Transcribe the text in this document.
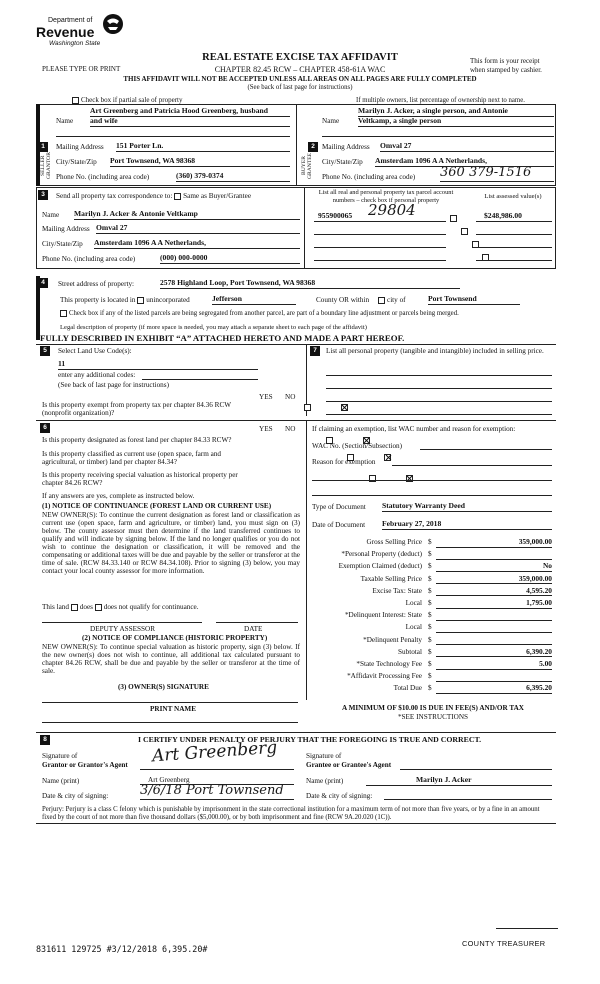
Department of
Revenue
Washington State
REAL ESTATE EXCISE TAX AFFIDAVIT
CHAPTER 82.45 RCW – CHAPTER 458-61A WAC
PLEASE TYPE OR PRINT
This form is your receipt
when stamped by cashier.
THIS AFFIDAVIT WILL NOT BE ACCEPTED UNLESS ALL AREAS ON ALL PAGES ARE FULLY COMPLETED
(See back of last page for instructions)
Check box if partial sale of property	If multiple owners, list percentage of ownership next to name.
1	2
SELLER GRANTOR	BUYER GRANTEE
Name
Art Greenberg and Patricia Hood Greenberg, husband
and wife
Mailing Address 151 Porter Ln.
City/State/Zip Port Townsend, WA 98368
Phone No. (including area code)	(360) 379-0374
Name
Marilyn J. Acker, a single person, and Antonie
Veltkamp, a single person
Mailing Address Omval 27
City/State/Zip Amsterdam 1096 A A Netherlands,
Phone No. (including area code) 360 379-1516
3	Send all property tax correspondence to: Same as Buyer/Grantee
Name Marilyn J. Acker & Antonie Veltkamp
Mailing Address Omval 27
City/State/Zip Amsterdam 1096 A A Netherlands,
Phone No. (including area code)	(000) 000-0000
List all real and personal property tax parcel account
numbers – check box if personal property
List assessed value(s)
955900065 29804	$248,986.00

4	Street address of property:	2578 Highland Loop, Port Townsend, WA 98368
This property is located in unincorporated	Jefferson	County OR within	city of	Port Townsend
Check box if any of the listed parcels are being segregated from another parcel, are part of a boundary line adjustment or parcels being merged.
Legal description of property (if more space is needed, you may attach a separate sheet to each page of the affidavit)
FULLY DESCRIBED IN EXHIBIT “A” ATTACHED HERETO AND MADE A PART HEREOF.
5	Select Land Use Code(s):
11
enter any additional codes:
(See back of last page for instructions)
YES NO
Is this property exempt from property tax per chapter 84.36 RCW (nonprofit organization)?

7	List all personal property (tangible and intangible) included in selling price.
6	YES NO
Is this property designated as forest land per chapter 84.33 RCW?

Is this property classified as current use (open space, farm and agricultural, or timber) land per chapter 84.34?

Is this property receiving special valuation as historical property per chapter 84.26 RCW?

If any answers are yes, complete as instructed below.
(1) NOTICE OF CONTINUANCE (FOREST LAND OR CURRENT USE)
NEW OWNER(S): To continue the current designation as forest land or classification as current use (open space, farm and agriculture, or timber) land, you must sign on (3) below. The county assessor must then determine if the land transferred continues to qualify and will indicate by signing below. If the land no longer qualifies or you do not wish to continue the designation or classification, it will be removed and the compensating or additional taxes will be due and payable by the seller or transferor at the time of sale. (RCW 84.33.140 or RCW 84.34.108). Prior to signing (3) below, you may contact your local county assessor for more information.
This land does does not qualify for continuance.
DEPUTY ASSESSOR	DATE
(2) NOTICE OF COMPLIANCE (HISTORIC PROPERTY)
NEW OWNER(S): To continue special valuation as historic property, sign (3) below. If the new owner(s) does not wish to continue, all additional tax calculated pursuant to chapter 84.26 RCW, shall be due and payable by the seller or transferor at the time of sale.
(3) OWNER(S) SIGNATURE
PRINT NAME
If claiming an exemption, list WAC number and reason for exemption:
WAC No. (Section/Subsection)
Reason for exemption
Type of Document Statutory Warranty Deed
Date of Document February 27, 2018
Gross Selling Price $	359,000.00
*Personal Property (deduct) $
Exemption Claimed (deduct) $	No
Taxable Selling Price $	359,000.00
Excise Tax: State $	4,595.20
Local $	1,795.00
*Delinquent Interest: State $
Local $
*Delinquent Penalty $
Subtotal $	6,390.20
*State Technology Fee $	5.00
*Affidavit Processing Fee $
Total Due $	6,395.20
A MINIMUM OF $10.00 IS DUE IN FEE(S) AND/OR TAX
*SEE INSTRUCTIONS
8	I CERTIFY UNDER PENALTY OF PERJURY THAT THE FOREGOING IS TRUE AND CORRECT.
Signature of
Grantor or Grantor's Agent Art Greenberg
Name (print)	Art Greenberg
Date & city of signing: 3/6/18 Port Townsend
Signature of
Grantee or Grantee's Agent
Name (print)	Marilyn J. Acker
Date & city of signing:
Perjury: Perjury is a class C felony which is punishable by imprisonment in the state correctional institution for a maximum term of not more than five years, or by a fine in an amount fixed by the court of not more than five thousand dollars ($5,000.00), or by both imprisonment and fine (RCW 9A.20.020 (1C)).
COUNTY TREASURER
831611 129725 #3/12/2018 6,395.20#
